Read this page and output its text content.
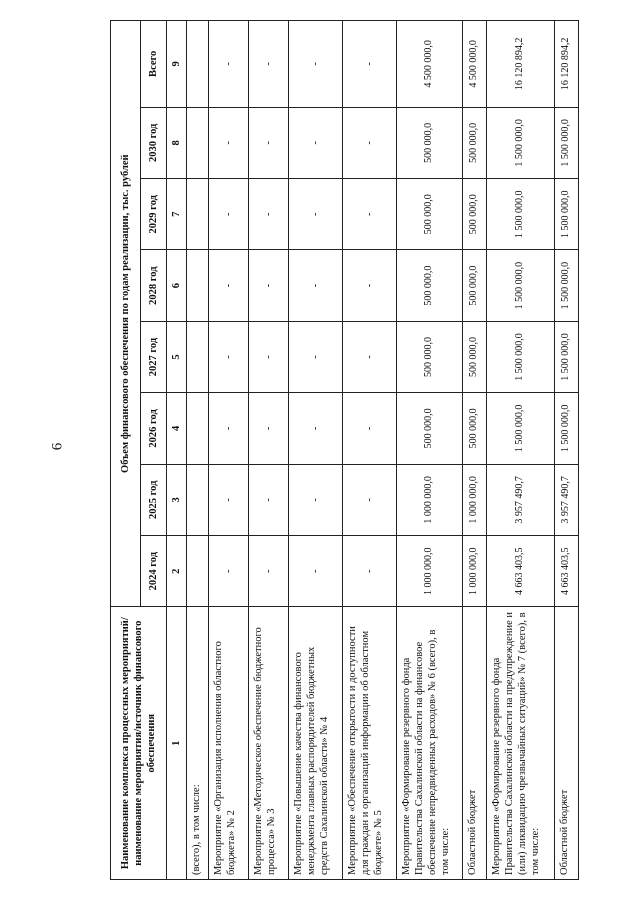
6
Наименование комплекса процессных мероприятий/наименование мероприятия/источник финансового обеспечения	Объем финансового обеспечения по годам реализации, тыс. рублей							
	2024 год	2025 год	2026 год	2027 год	2028 год	2029 год	2030 год	Всего
1	2	3	4	5	6	7	8	9
(всего), в том числе:								
Мероприятие «Организация исполнения областного бюджета» № 2	-	-	-	-	-	-	-	-
Мероприятие «Методическое обеспечение бюджетного процесса» № 3	-	-	-	-	-	-	-	-
Мероприятие «Повышение качества финансового менеджмента главных распорядителей бюджетных средств Сахалинской области» № 4	-	-	-	-	-	-	-	-
Мероприятие «Обеспечение открытости и доступности для граждан и организаций информации об областном бюджете» № 5	-	-	-	-	-	-	-	-
Мероприятие «Формирование резервного фонда Правительства Сахалинской области на финансовое обеспечение непредвиденных расходов» № 6 (всего), в том числе:	1 000 000,0	1 000 000,0	500 000,0	500 000,0	500 000,0	500 000,0	500 000,0	4 500 000,0
Областной бюджет	1 000 000,0	1 000 000,0	500 000,0	500 000,0	500 000,0	500 000,0	500 000,0	4 500 000,0
Мероприятие «Формирование резервного фонда Правительства Сахалинской области на предупреждение и (или) ликвидацию чрезвычайных ситуаций» № 7 (всего), в том числе:	4 663 403,5	3 957 490,7	1 500 000,0	1 500 000,0	1 500 000,0	1 500 000,0	1 500 000,0	16 120 894,2
Областной бюджет	4 663 403,5	3 957 490,7	1 500 000,0	1 500 000,0	1 500 000,0	1 500 000,0	1 500 000,0	16 120 894,2
